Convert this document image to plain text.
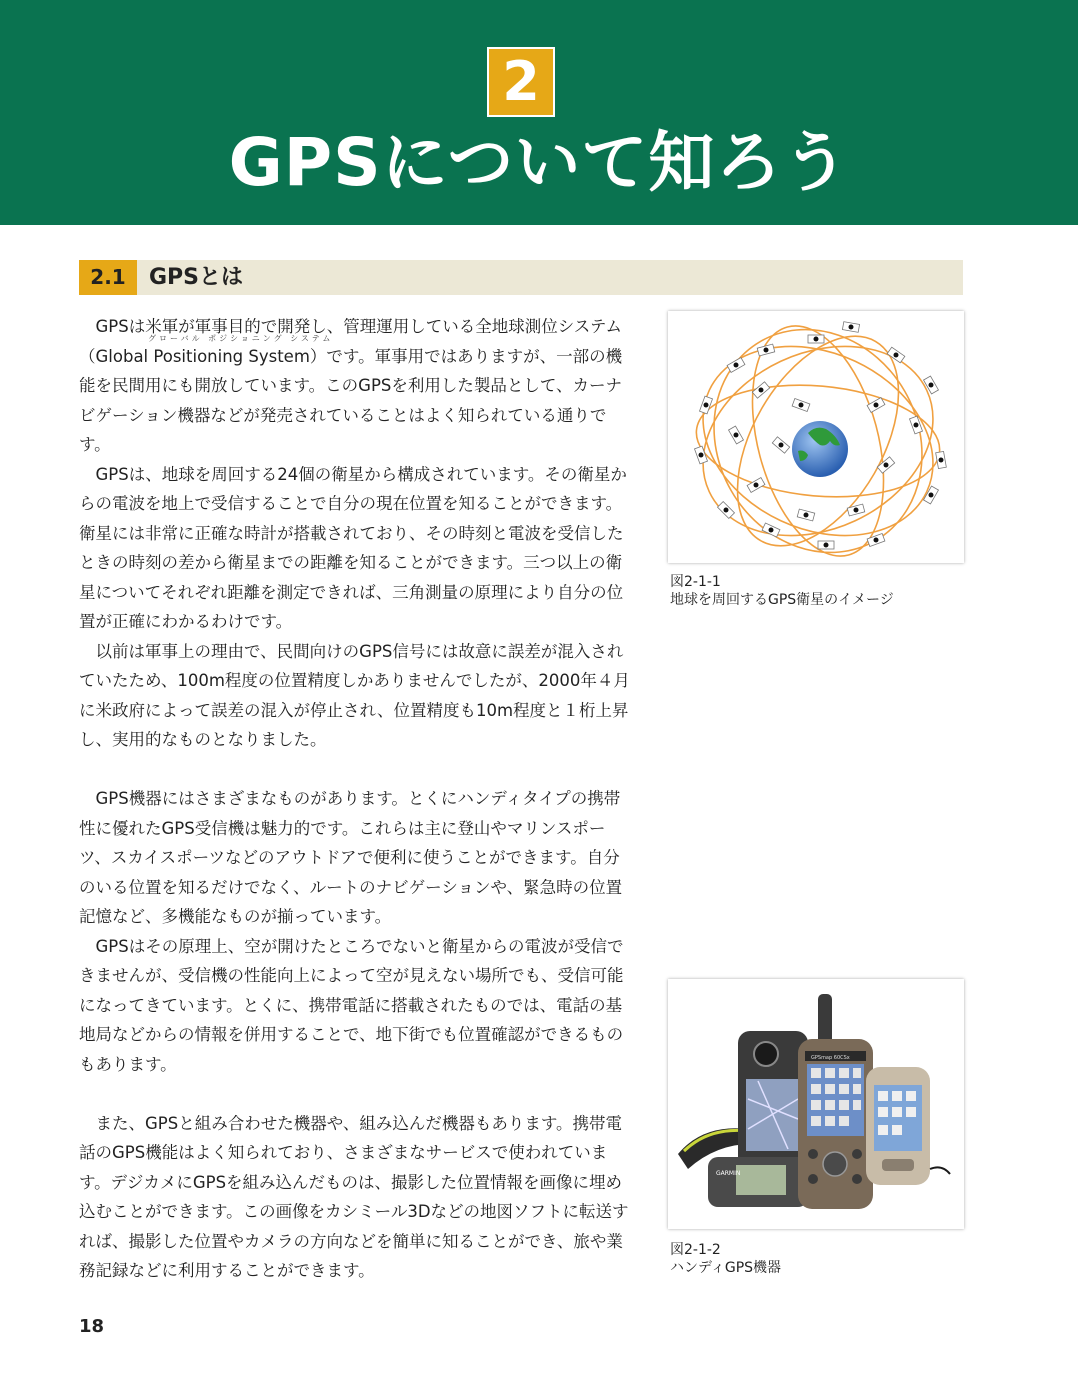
2
GPSについて知ろう
2.1	GPSとは
グローバル ポジショニング システム

GPSは米軍が軍事目的で開発し、管理運用している全地球測位システム（Global Positioning System）です。軍事用ではありますが、一部の機能を民間用にも開放しています。このGPSを利用した製品として、カーナビゲーション機器などが発売されていることはよく知られている通りです。

GPSは、地球を周回する24個の衛星から構成されています。その衛星からの電波を地上で受信することで自分の現在位置を知ることができます。衛星には非常に正確な時計が搭載されており、その時刻と電波を受信したときの時刻の差から衛星までの距離を知ることができます。三つ以上の衛星についてそれぞれ距離を測定できれば、三角測量の原理により自分の位置が正確にわかるわけです。

以前は軍事上の理由で、民間向けのGPS信号には故意に誤差が混入されていたため、100m程度の位置精度しかありませんでしたが、2000年４月に米政府によって誤差の混入が停止され、位置精度も10m程度と１桁上昇し、実用的なものとなりました。

GPS機器にはさまざまなものがあります。とくにハンディタイプの携帯性に優れたGPS受信機は魅力的です。これらは主に登山やマリンスポーツ、スカイスポーツなどのアウトドアで便利に使うことができます。自分のいる位置を知るだけでなく、ルートのナビゲーションや、緊急時の位置記憶など、多機能なものが揃っています。

GPSはその原理上、空が開けたところでないと衛星からの電波が受信できませんが、受信機の性能向上によって空が見えない場所でも、受信可能になってきています。とくに、携帯電話に搭載されたものでは、電話の基地局などからの情報を併用することで、地下街でも位置確認ができるものもあります。

また、GPSと組み合わせた機器や、組み込んだ機器もあります。携帯電話のGPS機能はよく知られており、さまざまなサービスで使われています。デジカメにGPSを組み込んだものは、撮影した位置情報を画像に埋め込むことができます。この画像をカシミール3Dなどの地図ソフトに転送すれば、撮影した位置やカメラの方向などを簡単に知ることができ、旅や業務記録などに利用することができます。

図2-1-1
地球を周回するGPS衛星のイメージ
GARMIN
GPSmap 60CSx
図2-1-2
ハンディGPS機器
18
